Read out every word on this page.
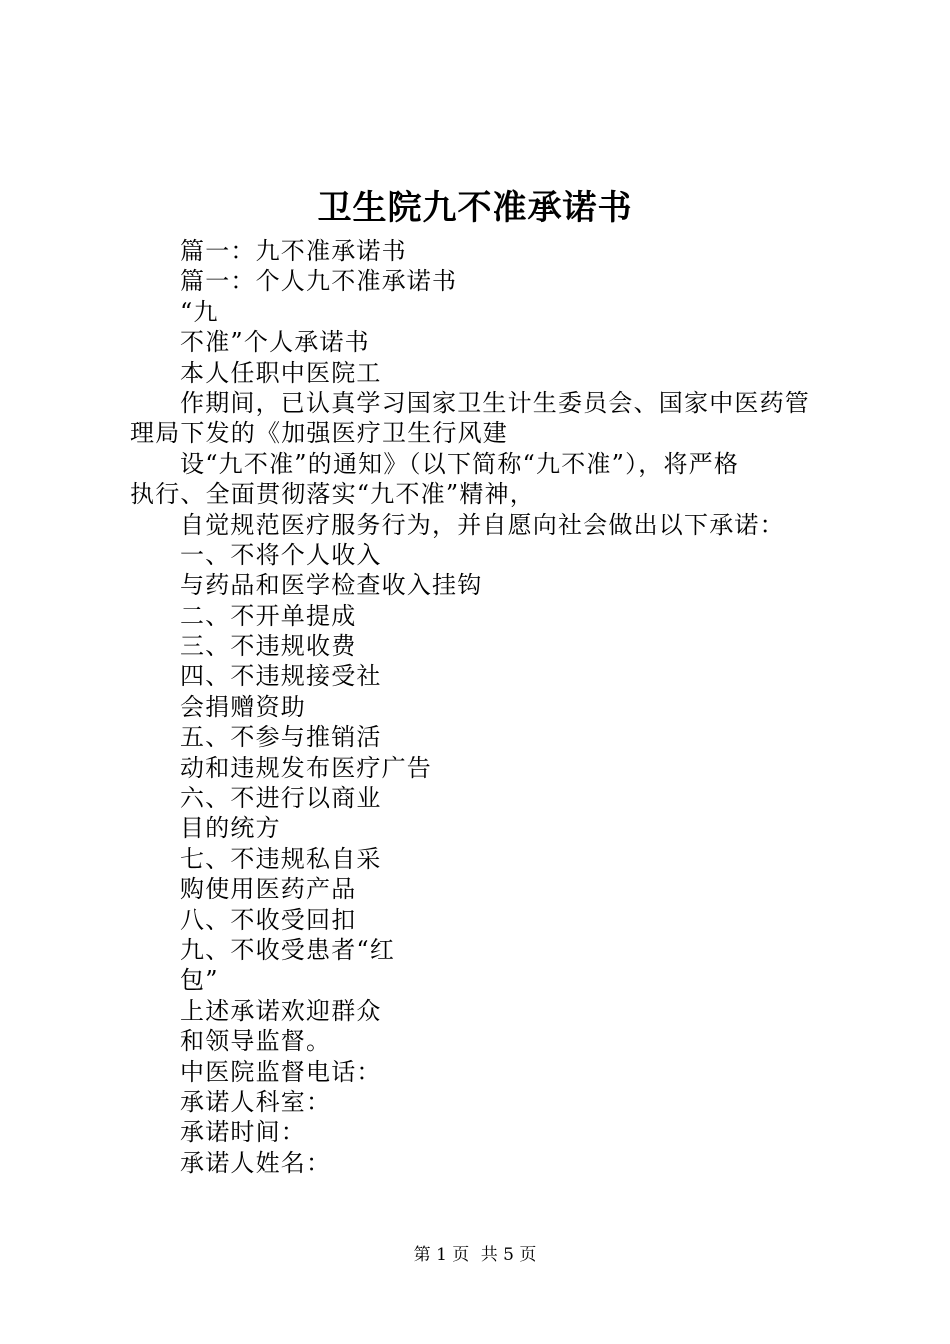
卫生院九不准承诺书
篇一：九不准承诺书
篇一：个人九不准承诺书
“九
不准”个人承诺书
本人任职中医院工
作期间，已认真学习国家卫生计生委员会、国家中医药管
理局下发的《加强医疗卫生行风建
设“九不准”的通知》（以下简称“九不准”），将严格
执行、全面贯彻落实“九不准”精神，
自觉规范医疗服务行为，并自愿向社会做出以下承诺：
一、不将个人收入
与药品和医学检查收入挂钩
二、不开单提成
三、不违规收费
四、不违规接受社
会捐赠资助
五、不参与推销活
动和违规发布医疗广告
六、不进行以商业
目的统方
七、不违规私自采
购使用医药产品
八、不收受回扣
九、不收受患者“红
包”
上述承诺欢迎群众
和领导监督。
中医院监督电话：
承诺人科室：
承诺时间：
承诺人姓名：
第 1 页 共 5 页
